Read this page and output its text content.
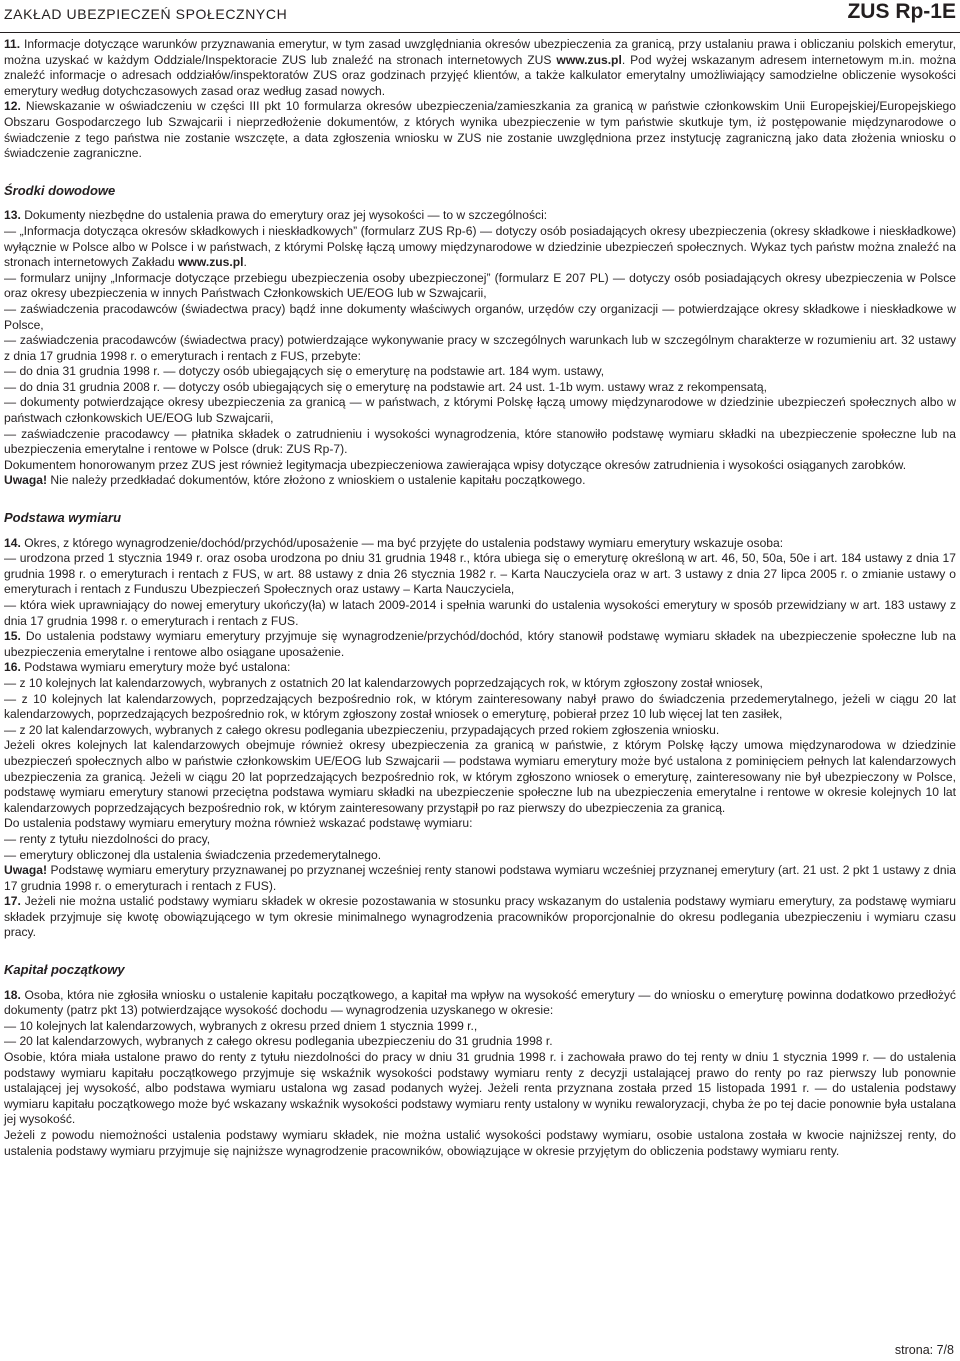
ZAKŁAD UBEZPIECZEŃ SPOŁECZNYCH	ZUS Rp-1E

11. Informacje dotyczące warunków przyznawania emerytur, w tym zasad uwzględniania okresów ubezpieczenia za granicą, przy ustalaniu prawa i obliczaniu polskich emerytur, można uzyskać w każdym Oddziale/Inspektoracie ZUS lub znaleźć na stronach internetowych ZUS www.zus.pl. Pod wyżej wskazanym adresem internetowym m.in. można znaleźć informacje o adresach oddziałów/inspektoratów ZUS oraz godzinach przyjęć klientów, a także kalkulator emerytalny umożliwiający samodzielne obliczenie wysokości emerytury według dotychczasowych zasad oraz według zasad nowych.

12. Niewskazanie w oświadczeniu w części III pkt 10 formularza okresów ubezpieczenia/zamieszkania za granicą w państwie członkowskim Unii Europejskiej/Europejskiego Obszaru Gospodarczego lub Szwajcarii i nieprzedłożenie dokumentów, z których wynika ubezpieczenie w tym państwie skutkuje tym, iż postępowanie międzynarodowe o świadczenie z tego państwa nie zostanie wszczęte, a data zgłoszenia wniosku w ZUS nie zostanie uwzględniona przez instytucję zagraniczną jako data złożenia wniosku o świadczenie zagraniczne.

Środki dowodowe

13. Dokumenty niezbędne do ustalenia prawa do emerytury oraz jej wysokości — to w szczególności:

— „Informacja dotycząca okresów składkowych i nieskładkowych” (formularz ZUS Rp-6) — dotyczy osób posiadających okresy ubezpieczenia (okresy składkowe i nieskładkowe) wyłącznie w Polsce albo w Polsce i w państwach, z którymi Polskę łączą umowy międzynarodowe w dziedzinie ubezpieczeń społecznych. Wykaz tych państw można znaleźć na stronach internetowych Zakładu www.zus.pl.

— formularz unijny „Informacje dotyczące przebiegu ubezpieczenia osoby ubezpieczonej” (formularz E 207 PL) — dotyczy osób posiadających okresy ubezpieczenia w Polsce oraz okresy ubezpieczenia w innych Państwach Członkowskich UE/EOG lub w Szwajcarii,

— zaświadczenia pracodawców (świadectwa pracy) bądź inne dokumenty właściwych organów, urzędów czy organizacji — potwierdzające okresy składkowe i nieskładkowe w Polsce,

— zaświadczenia pracodawców (świadectwa pracy) potwierdzające wykonywanie pracy w szczególnych warunkach lub w szczególnym charakterze w rozumieniu art. 32 ustawy z dnia 17 grudnia 1998 r. o emeryturach i rentach z FUS, przebyte:

— do dnia 31 grudnia 1998 r. — dotyczy osób ubiegających się o emeryturę na podstawie art. 184 wym. ustawy,

— do dnia 31 grudnia 2008 r. — dotyczy osób ubiegających się o emeryturę na podstawie art. 24 ust. 1-1b wym. ustawy wraz z rekompensatą,

— dokumenty potwierdzające okresy ubezpieczenia za granicą — w państwach, z którymi Polskę łączą umowy międzynarodowe w dziedzinie ubezpieczeń społecznych albo w państwach członkowskich UE/EOG lub Szwajcarii,

— zaświadczenie pracodawcy — płatnika składek o zatrudnieniu i wysokości wynagrodzenia, które stanowiło podstawę wymiaru składki na ubezpieczenie społeczne lub na ubezpieczenia emerytalne i rentowe w Polsce (druk: ZUS Rp-7).

Dokumentem honorowanym przez ZUS jest również legitymacja ubezpieczeniowa zawierająca wpisy dotyczące okresów zatrudnienia i wysokości osiąganych zarobków.

Uwaga! Nie należy przedkładać dokumentów, które złożono z wnioskiem o ustalenie kapitału początkowego.

Podstawa wymiaru

14. Okres, z którego wynagrodzenie/dochód/przychód/uposażenie — ma być przyjęte do ustalenia podstawy wymiaru emerytury wskazuje osoba:

— urodzona przed 1 stycznia 1949 r. oraz osoba urodzona po dniu 31 grudnia 1948 r., która ubiega się o emeryturę określoną w art. 46, 50, 50a, 50e i art. 184 ustawy z dnia 17 grudnia 1998 r. o emeryturach i rentach z FUS, w art. 88 ustawy z dnia 26 stycznia 1982 r. – Karta Nauczyciela oraz w art. 3 ustawy z dnia 27 lipca 2005 r. o zmianie ustawy o emeryturach i rentach z Funduszu Ubezpieczeń Społecznych oraz ustawy – Karta Nauczyciela,

— która wiek uprawniający do nowej emerytury ukończy(ła) w latach 2009-2014 i spełnia warunki do ustalenia wysokości emerytury w sposób przewidziany w art. 183 ustawy z dnia 17 grudnia 1998 r. o emeryturach i rentach z FUS.

15. Do ustalenia podstawy wymiaru emerytury przyjmuje się wynagrodzenie/przychód/dochód, który stanowił podstawę wymiaru składek na ubezpieczenie społeczne lub na ubezpieczenia emerytalne i rentowe albo osiągane uposażenie.

16. Podstawa wymiaru emerytury może być ustalona:

— z 10 kolejnych lat kalendarzowych, wybranych z ostatnich 20 lat kalendarzowych poprzedzających rok, w którym zgłoszony został wniosek,

— z 10 kolejnych lat kalendarzowych, poprzedzających bezpośrednio rok, w którym zainteresowany nabył prawo do świadczenia przedemerytalnego, jeżeli w ciągu 20 lat kalendarzowych, poprzedzających bezpośrednio rok, w którym zgłoszony został wniosek o emeryturę, pobierał przez 10 lub więcej lat ten zasiłek,

— z 20 lat kalendarzowych, wybranych z całego okresu podlegania ubezpieczeniu, przypadających przed rokiem zgłoszenia wniosku.

Jeżeli okres kolejnych lat kalendarzowych obejmuje również okresy ubezpieczenia za granicą w państwie, z którym Polskę łączy umowa międzynarodowa w dziedzinie ubezpieczeń społecznych albo w państwie członkowskim UE/EOG lub Szwajcarii — podstawa wymiaru emerytury może być ustalona z pominięciem pełnych lat kalendarzowych ubezpieczenia za granicą. Jeżeli w ciągu 20 lat poprzedzających bezpośrednio rok, w którym zgłoszono wniosek o emeryturę, zainteresowany nie był ubezpieczony w Polsce, podstawę wymiaru emerytury stanowi przeciętna podstawa wymiaru składki na ubezpieczenie społeczne lub na ubezpieczenia emerytalne i rentowe w okresie kolejnych 10 lat kalendarzowych poprzedzających bezpośrednio rok, w którym zainteresowany przystąpił po raz pierwszy do ubezpieczenia za granicą.

Do ustalenia podstawy wymiaru emerytury można również wskazać podstawę wymiaru:

— renty z tytułu niezdolności do pracy,

— emerytury obliczonej dla ustalenia świadczenia przedemerytalnego.

Uwaga! Podstawę wymiaru emerytury przyznawanej po przyznanej wcześniej renty stanowi podstawa wymiaru wcześniej przyznanej emerytury (art. 21 ust. 2 pkt 1 ustawy z dnia 17 grudnia 1998 r. o emeryturach i rentach z FUS).

17. Jeżeli nie można ustalić podstawy wymiaru składek w okresie pozostawania w stosunku pracy wskazanym do ustalenia podstawy wymiaru emerytury, za podstawę wymiaru składek przyjmuje się kwotę obowiązującego w tym okresie minimalnego wynagrodzenia pracowników proporcjonalnie do okresu podlegania ubezpieczeniu i wymiaru czasu pracy.

Kapitał początkowy

18. Osoba, która nie zgłosiła wniosku o ustalenie kapitału początkowego, a kapitał ma wpływ na wysokość emerytury — do wniosku o emeryturę powinna dodatkowo przedłożyć dokumenty (patrz pkt 13) potwierdzające wysokość dochodu — wynagrodzenia uzyskanego w okresie:

— 10 kolejnych lat kalendarzowych, wybranych z okresu przed dniem 1 stycznia 1999 r.,

— 20 lat kalendarzowych, wybranych z całego okresu podlegania ubezpieczeniu do 31 grudnia 1998 r.

Osobie, która miała ustalone prawo do renty z tytułu niezdolności do pracy w dniu 31 grudnia 1998 r. i zachowała prawo do tej renty w dniu 1 stycznia 1999 r. — do ustalenia podstawy wymiaru kapitału początkowego przyjmuje się wskaźnik wysokości podstawy wymiaru renty z decyzji ustalającej prawo do renty po raz pierwszy lub ponownie ustalającej jej wysokość, albo podstawa wymiaru ustalona wg zasad podanych wyżej. Jeżeli renta przyznana została przed 15 listopada 1991 r. — do ustalenia podstawy wymiaru kapitału początkowego może być wskazany wskaźnik wysokości podstawy wymiaru renty ustalony w wyniku rewaloryzacji, chyba że po tej dacie ponownie była ustalana jej wysokość.

Jeżeli z powodu niemożności ustalenia podstawy wymiaru składek, nie można ustalić wysokości podstawy wymiaru, osobie ustalona została w kwocie najniższej renty, do ustalenia podstawy wymiaru przyjmuje się najniższe wynagrodzenie pracowników, obowiązujące w okresie przyjętym do obliczenia podstawy wymiaru renty.

strona: 7/8
